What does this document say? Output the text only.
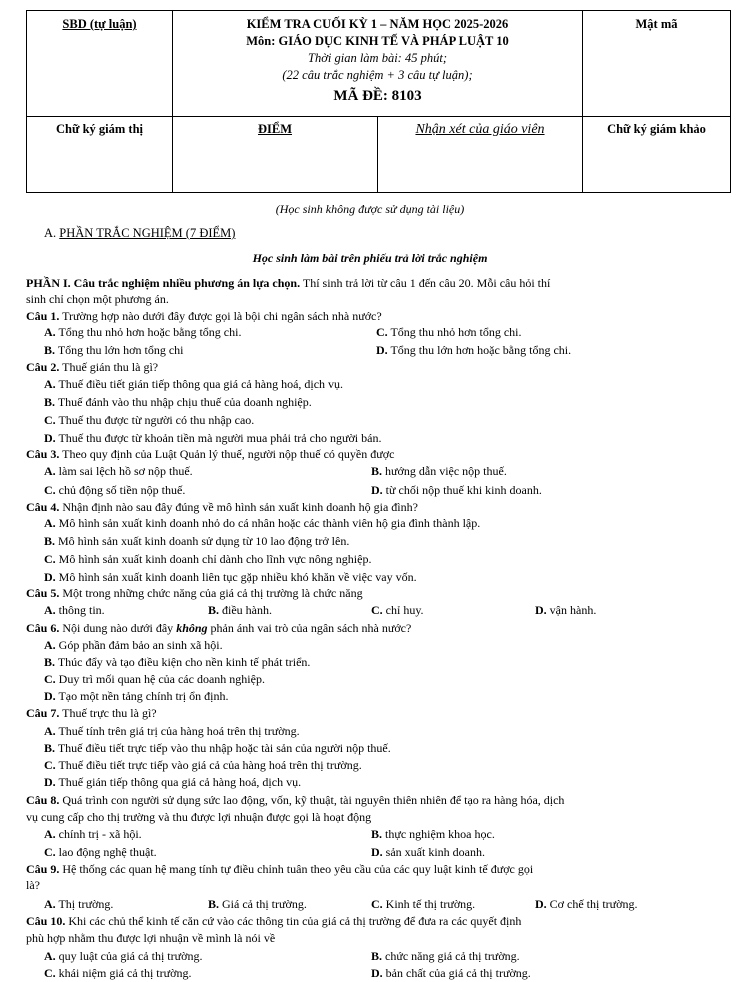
SBD (tự luận)	KIỂM TRA CUỐI KỲ 1 – NĂM HỌC 2025-2026
Môn: GIÁO DỤC KINH TẾ VÀ PHÁP LUẬT 10
Thời gian làm bài: 45 phút;
(22 câu trắc nghiệm + 3 câu tự luận);
MÃ ĐỀ: 8103		Mật mã

Chữ ký giám thị	ĐIỂM	Nhận xét của giáo viên	Chữ ký giám khảo
(Học sinh không được sử dụng tài liệu)
A. PHẦN TRẮC NGHIỆM (7 ĐIỂM)
Học sinh làm bài trên phiếu trả lời trắc nghiệm
PHẦN I. Câu trắc nghiệm nhiều phương án lựa chọn. Thí sinh trả lời từ câu 1 đến câu 20. Mỗi câu hỏi thí
sinh chỉ chọn một phương án.
Câu 1. Trường hợp nào dưới đây được gọi là bội chi ngân sách nhà nước?
A. Tổng thu nhỏ hơn hoặc bằng tổng chi.	C. Tổng thu nhỏ hơn tổng chi.
B. Tổng thu lớn hơn tổng chi	D. Tổng thu lớn hơn hoặc bằng tổng chi.
Câu 2. Thuế gián thu là gì?
A. Thuế điều tiết gián tiếp thông qua giá cả hàng hoá, dịch vụ.
B. Thuế đánh vào thu nhập chịu thuế của doanh nghiệp.
C. Thuế thu được từ người có thu nhập cao.
D. Thuế thu được từ khoản tiền mà người mua phải trả cho người bán.
Câu 3. Theo quy định của Luật Quản lý thuế, người nộp thuế có quyền được
A. làm sai lệch hồ sơ nộp thuế.	B. hướng dẫn việc nộp thuế.
C. chủ động số tiền nộp thuế.	D. từ chối nộp thuế khi kinh doanh.
Câu 4. Nhận định nào sau đây đúng về mô hình sản xuất kinh doanh hộ gia đình?
A. Mô hình sản xuất kinh doanh nhỏ do cá nhân hoặc các thành viên hộ gia đình thành lập.
B. Mô hình sản xuất kinh doanh sử dụng từ 10 lao động trở lên.
C. Mô hình sản xuất kinh doanh chỉ dành cho lĩnh vực nông nghiệp.
D. Mô hình sản xuất kinh doanh liên tục gặp nhiều khó khăn về việc vay vốn.
Câu 5. Một trong những chức năng của giá cả thị trường là chức năng
A. thông tin.	B. điều hành.	C. chỉ huy.	D. vận hành.
Câu 6. Nội dung nào dưới đây không phản ánh vai trò của ngân sách nhà nước?
A. Góp phần đảm bảo an sinh xã hội.
B. Thúc đẩy và tạo điều kiện cho nền kinh tế phát triển.
C. Duy trì mối quan hệ của các doanh nghiệp.
D. Tạo một nền tảng chính trị ổn định.
Câu 7. Thuế trực thu là gì?
A. Thuế tính trên giá trị của hàng hoá trên thị trường.
B. Thuế điều tiết trực tiếp vào thu nhập hoặc tài sản của người nộp thuế.
C. Thuế điều tiết trực tiếp vào giá cả của hàng hoá trên thị trường.
D. Thuế gián tiếp thông qua giá cả hàng hoá, dịch vụ.
Câu 8. Quá trình con người sử dụng sức lao động, vốn, kỹ thuật, tài nguyên thiên nhiên để tạo ra hàng hóa, dịch
vụ cung cấp cho thị trường và thu được lợi nhuận được gọi là hoạt động
A. chính trị - xã hội.	B. thực nghiệm khoa học.
C. lao động nghệ thuật.	D. sản xuất kinh doanh.
Câu 9. Hệ thống các quan hệ mang tính tự điều chỉnh tuân theo yêu cầu của các quy luật kinh tế được gọi
là?
A. Thị trường.	B. Giá cả thị trường.	C. Kinh tế thị trường.	D. Cơ chế thị trường.
Câu 10. Khi các chủ thể kinh tế căn cứ vào các thông tin của giá cả thị trường để đưa ra các quyết định
phù hợp nhằm thu được lợi nhuận về mình là nói về
A. quy luật của giá cả thị trường.	B. chức năng giá cả thị trường.
C. khái niệm giá cả thị trường.	D. bản chất của giá cả thị trường.
